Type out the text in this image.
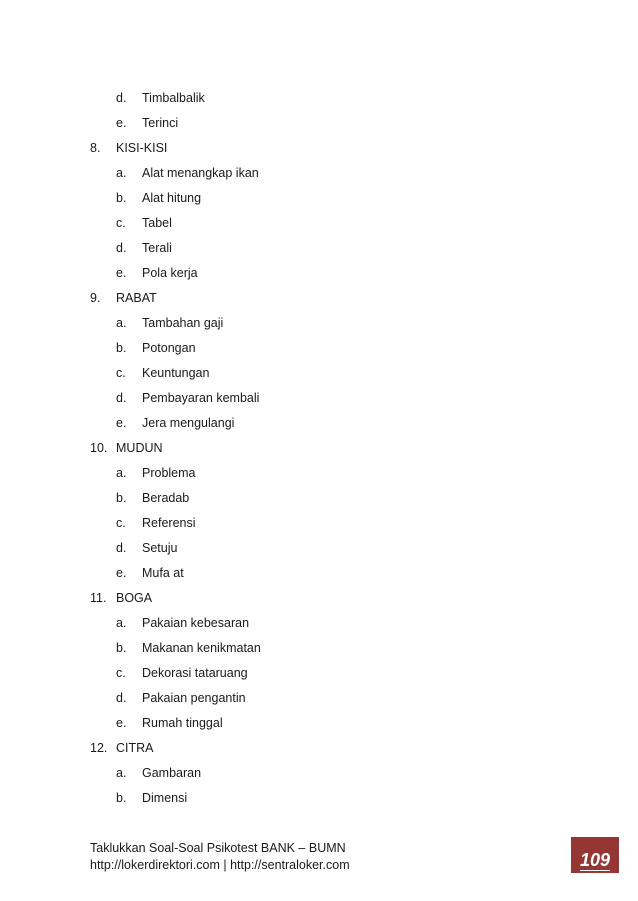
d. Timbalbalik
e. Terinci
8. KISI-KISI
a. Alat menangkap ikan
b. Alat hitung
c. Tabel
d. Terali
e. Pola kerja
9. RABAT
a. Tambahan gaji
b. Potongan
c. Keuntungan
d. Pembayaran kembali
e. Jera mengulangi
10. MUDUN
a. Problema
b. Beradab
c. Referensi
d. Setuju
e. Mufa at
11. BOGA
a. Pakaian kebesaran
b. Makanan kenikmatan
c. Dekorasi tataruang
d. Pakaian pengantin
e. Rumah tinggal
12. CITRA
a. Gambaran
b. Dimensi
Taklukkan Soal-Soal Psikotest BANK – BUMN
http://lokerdirektori.com | http://sentraloker.com	109
